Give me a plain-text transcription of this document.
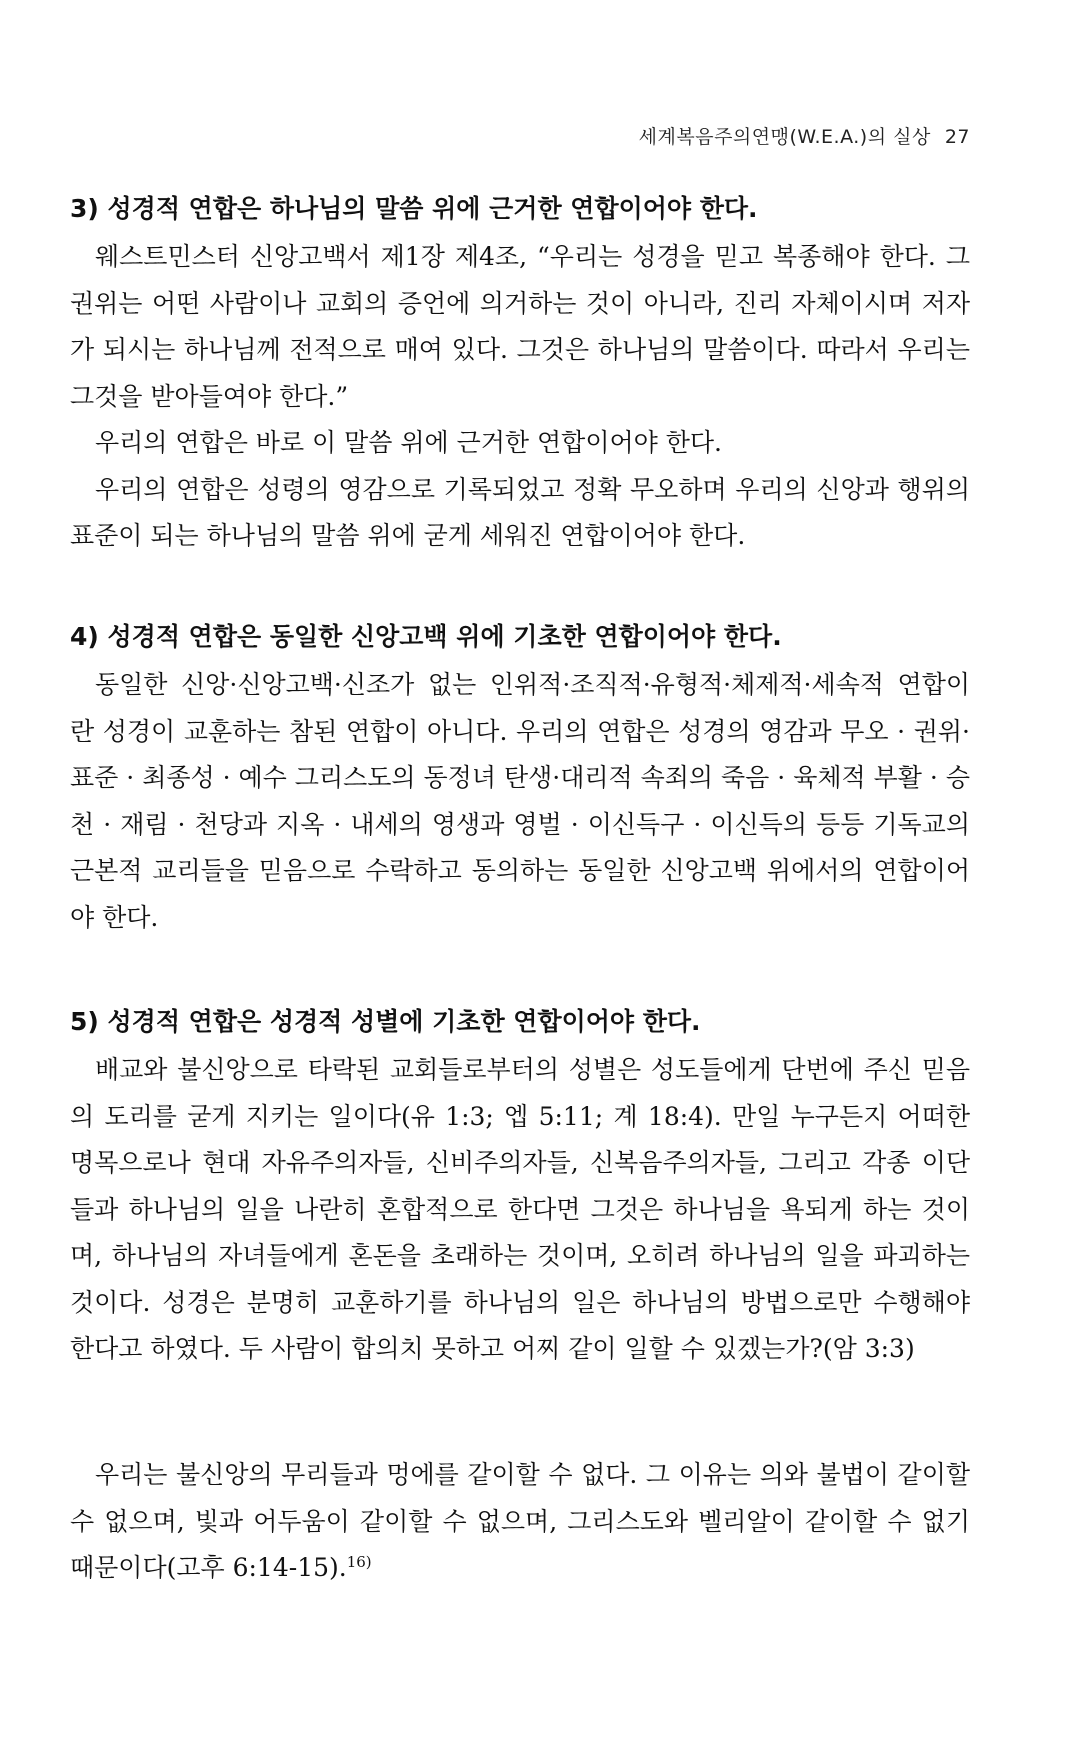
세계복음주의연맹(W.E.A.)의 실상 27
3) 성경적 연합은 하나님의 말씀 위에 근거한 연합이어야 한다.

웨스트민스터 신앙고백서 제1장 제4조, “우리는 성경을 믿고 복종해야 한다. 그 권위는 어떤 사람이나 교회의 증언에 의거하는 것이 아니라, 진리 자체이시며 저자가 되시는 하나님께 전적으로 매여 있다. 그것은 하나님의 말씀이다. 따라서 우리는 그것을 받아들여야 한다.”

우리의 연합은 바로 이 말씀 위에 근거한 연합이어야 한다.

우리의 연합은 성령의 영감으로 기록되었고 정확 무오하며 우리의 신앙과 행위의 표준이 되는 하나님의 말씀 위에 굳게 세워진 연합이어야 한다.

4) 성경적 연합은 동일한 신앙고백 위에 기초한 연합이어야 한다.

동일한 신앙·신앙고백·신조가 없는 인위적·조직적·유형적·체제적·세속적 연합이란 성경이 교훈하는 참된 연합이 아니다. 우리의 연합은 성경의 영감과 무오 · 권위·표준 · 최종성 · 예수 그리스도의 동정녀 탄생·대리적 속죄의 죽음 · 육체적 부활 · 승천 · 재림 · 천당과 지옥 · 내세의 영생과 영벌 · 이신득구 · 이신득의 등등 기독교의 근본적 교리들을 믿음으로 수락하고 동의하는 동일한 신앙고백 위에서의 연합이어야 한다.

5) 성경적 연합은 성경적 성별에 기초한 연합이어야 한다.

배교와 불신앙으로 타락된 교회들로부터의 성별은 성도들에게 단번에 주신 믿음의 도리를 굳게 지키는 일이다(유 1:3; 엡 5:11; 계 18:4). 만일 누구든지 어떠한 명목으로나 현대 자유주의자들, 신비주의자들, 신복음주의자들, 그리고 각종 이단들과 하나님의 일을 나란히 혼합적으로 한다면 그것은 하나님을 욕되게 하는 것이며, 하나님의 자녀들에게 혼돈을 초래하는 것이며, 오히려 하나님의 일을 파괴하는 것이다. 성경은 분명히 교훈하기를 하나님의 일은 하나님의 방법으로만 수행해야 한다고 하였다. 두 사람이 합의치 못하고 어찌 같이 일할 수 있겠는가?(암 3:3)

우리는 불신앙의 무리들과 멍에를 같이할 수 없다. 그 이유는 의와 불법이 같이할 수 없으며, 빛과 어두움이 같이할 수 없으며, 그리스도와 벨리알이 같이할 수 없기 때문이다(고후 6:14-15).$^{16)}$
